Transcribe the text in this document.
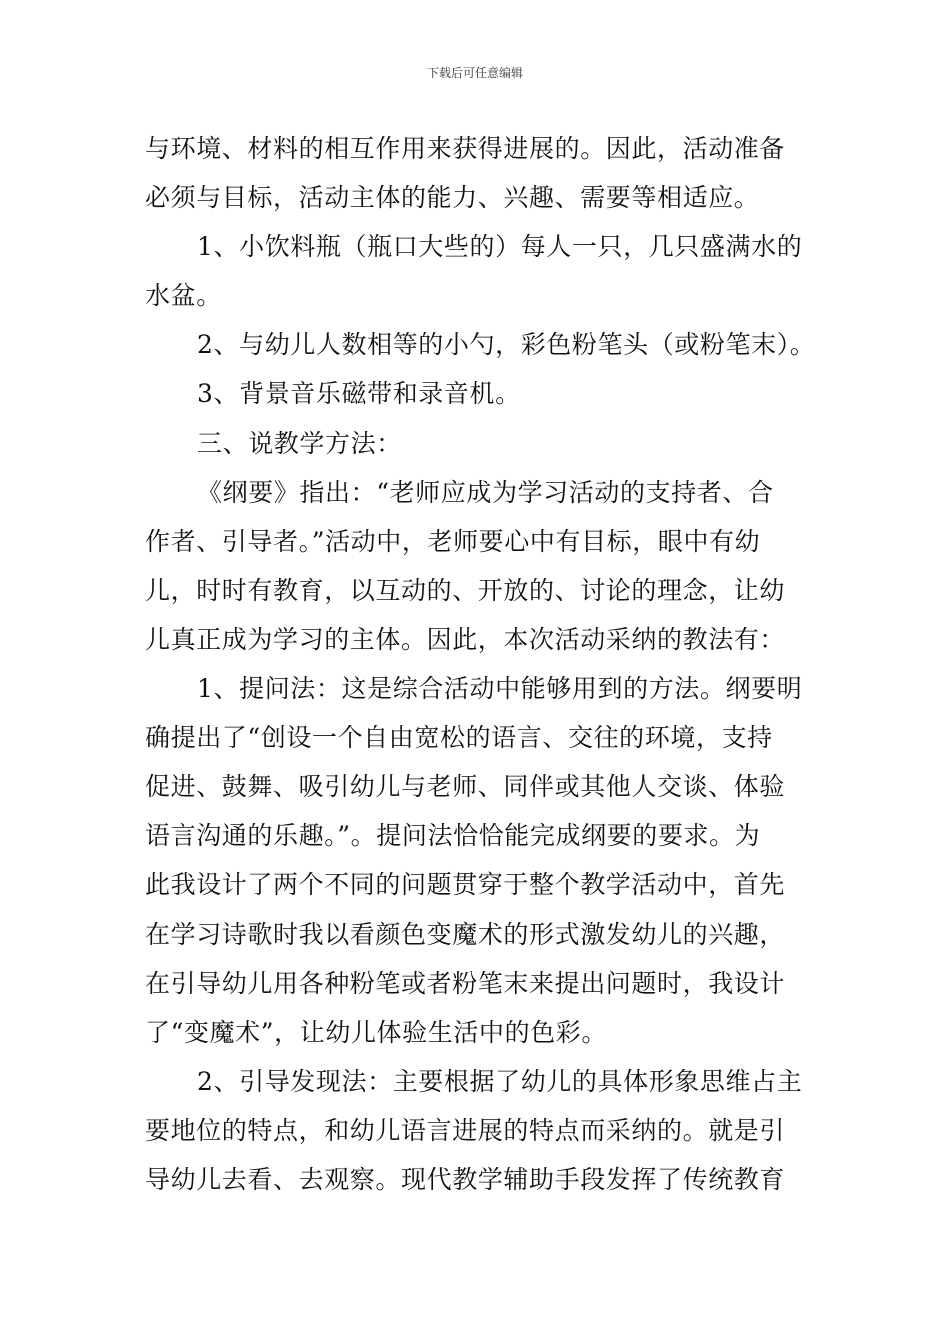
下载后可任意编辑
与环境、材料的相互作用来获得进展的。因此，活动准备
必须与目标，活动主体的能力、兴趣、需要等相适应。
1、小饮料瓶（瓶口大些的）每人一只，几只盛满水的
水盆。
2、与幼儿人数相等的小勺，彩色粉笔头（或粉笔末）。
3、背景音乐磁带和录音机。
三、说教学方法：
《纲要》指出：“老师应成为学习活动的支持者、合
作者、引导者。”活动中，老师要心中有目标，眼中有幼
儿，时时有教育，以互动的、开放的、讨论的理念，让幼
儿真正成为学习的主体。因此，本次活动采纳的教法有：
1、提问法：这是综合活动中能够用到的方法。纲要明
确提出了“创设一个自由宽松的语言、交往的环境，支持
促进、鼓舞、吸引幼儿与老师、同伴或其他人交谈、体验
语言沟通的乐趣。”。提问法恰恰能完成纲要的要求。为
此我设计了两个不同的问题贯穿于整个教学活动中，首先
在学习诗歌时我以看颜色变魔术的形式激发幼儿的兴趣，
在引导幼儿用各种粉笔或者粉笔末来提出问题时，我设计
了“变魔术”，让幼儿体验生活中的色彩。
2、引导发现法：主要根据了幼儿的具体形象思维占主
要地位的特点，和幼儿语言进展的特点而采纳的。就是引
导幼儿去看、去观察。现代教学辅助手段发挥了传统教育
